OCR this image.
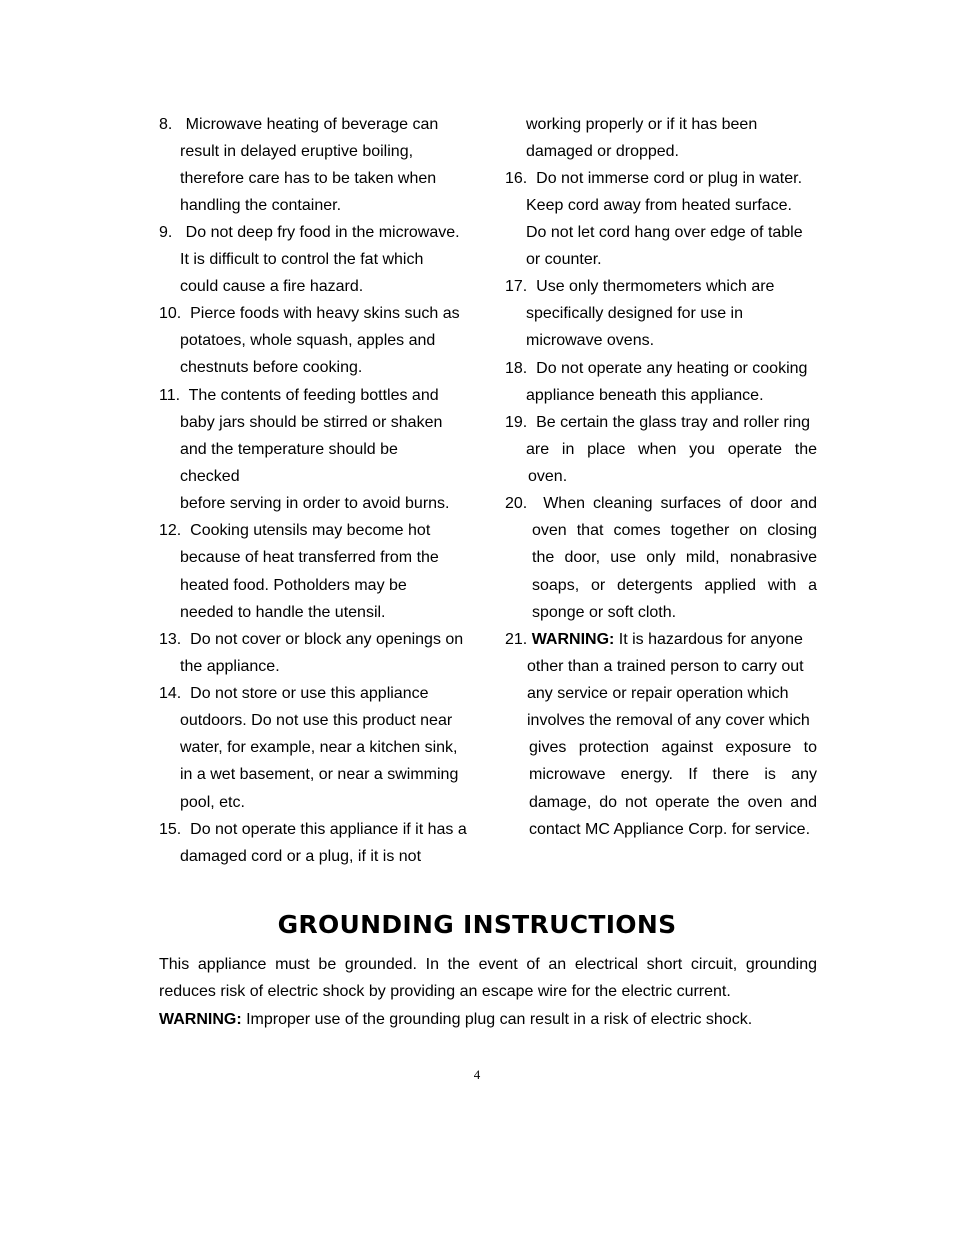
8.   Microwave heating of beverage can
result in delayed eruptive boiling,
therefore care has to be taken when
handling the container.
9.   Do not deep fry food in the microwave.
It is difficult to control the fat which
could cause a fire hazard.
10.  Pierce foods with heavy skins such as
potatoes, whole squash, apples and
chestnuts before cooking.
11.  The contents of feeding bottles and
baby jars should be stirred or shaken
and the temperature should be
checked
before serving in order to avoid burns.
12.  Cooking utensils may become hot
because of heat transferred from the
heated food. Potholders may be
needed to handle the utensil.
13.  Do not cover or block any openings on
the appliance.
14.  Do not store or use this appliance
outdoors. Do not use this product near
water, for example, near a kitchen sink,
in a wet basement, or near a swimming
pool, etc.
15.  Do not operate this appliance if it has a
damaged cord or a plug, if it is not
working properly or if it has been
damaged or dropped.
16.  Do not immerse cord or plug in water.
Keep cord away from heated surface.
Do not let cord hang over edge of table
or counter.
17.  Use only thermometers which are
specifically designed for use in
microwave ovens.
18.  Do not operate any heating or cooking
appliance beneath this appliance.
19.  Be certain the glass tray and roller ring
are in place when you operate the
oven.
20.  When cleaning surfaces of door and
oven that comes together on closing
the door, use only mild, nonabrasive
soaps, or detergents applied with a
sponge or soft cloth.
21. WARNING: It is hazardous for anyone
other than a trained person to carry out
any service or repair operation which
involves the removal of any cover which
gives protection against exposure to
microwave energy. If there is any
damage, do not operate the oven and
contact MC Appliance Corp. for service.
GROUNDING INSTRUCTIONS
This appliance must be grounded. In the event of an electrical short circuit, grounding
reduces risk of electric shock by providing an escape wire for the electric current.
WARNING: Improper use of the grounding plug can result in a risk of electric shock.
4
